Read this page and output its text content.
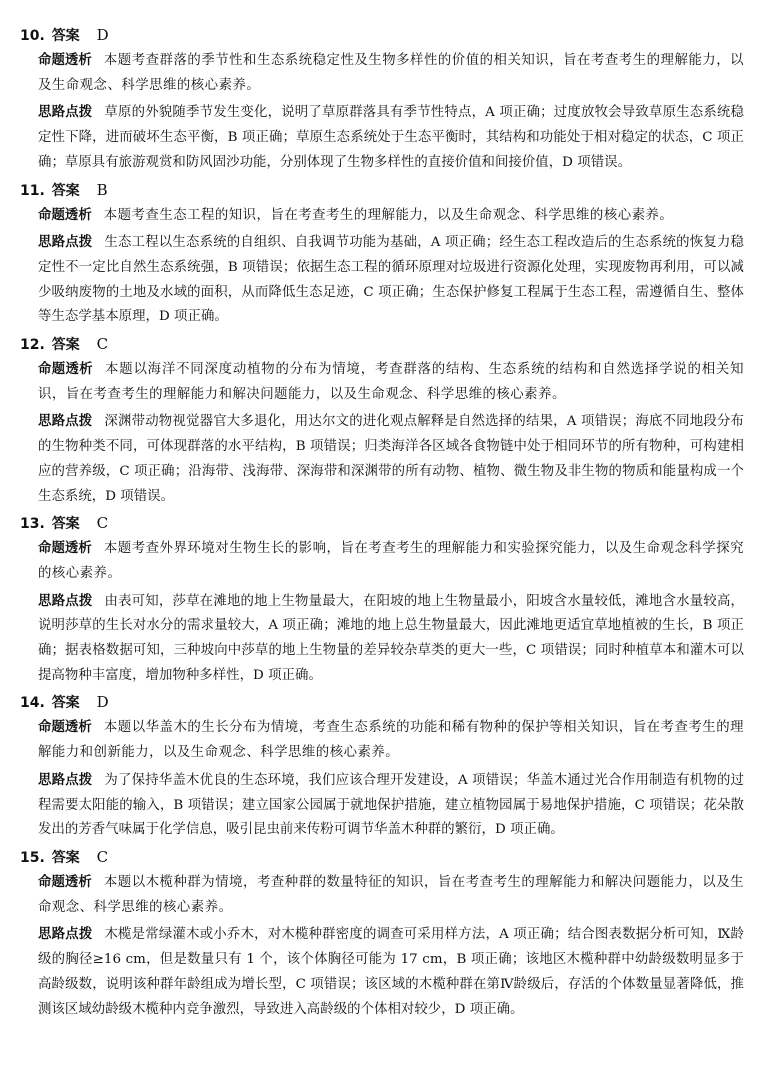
10. 答案 D
命题透析 本题考查群落的季节性和生态系统稳定性及生物多样性的价值的相关知识，旨在考查考生的理解能力，以及生命观念、科学思维的核心素养。
思路点拨 草原的外貌随季节发生变化，说明了草原群落具有季节性特点，A 项正确；过度放牧会导致草原生态系统稳定性下降，进而破坏生态平衡，B 项正确；草原生态系统处于生态平衡时，其结构和功能处于相对稳定的状态，C 项正确；草原具有旅游观赏和防风固沙功能，分别体现了生物多样性的直接价值和间接价值，D 项错误。
11. 答案 B
命题透析 本题考查生态工程的知识，旨在考查考生的理解能力，以及生命观念、科学思维的核心素养。
思路点拨 生态工程以生态系统的自组织、自我调节功能为基础，A 项正确；经生态工程改造后的生态系统的恢复力稳定性不一定比自然生态系统强，B 项错误；依据生态工程的循环原理对垃圾进行资源化处理，实现废物再利用，可以减少吸纳废物的土地及水域的面积，从而降低生态足迹，C 项正确；生态保护修复工程属于生态工程，需遵循自生、整体等生态学基本原理，D 项正确。
12. 答案 C
命题透析 本题以海洋不同深度动植物的分布为情境，考查群落的结构、生态系统的结构和自然选择学说的相关知识，旨在考查考生的理解能力和解决问题能力，以及生命观念、科学思维的核心素养。
思路点拨 深渊带动物视觉器官大多退化，用达尔文的进化观点解释是自然选择的结果，A 项错误；海底不同地段分布的生物种类不同，可体现群落的水平结构，B 项错误；归类海洋各区域各食物链中处于相同环节的所有物种，可构建相应的营养级，C 项正确；沿海带、浅海带、深海带和深渊带的所有动物、植物、微生物及非生物的物质和能量构成一个生态系统，D 项错误。
13. 答案 C
命题透析 本题考查外界环境对生物生长的影响，旨在考查考生的理解能力和实验探究能力，以及生命观念科学探究的核心素养。
思路点拨 由表可知，莎草在滩地的地上生物量最大，在阳坡的地上生物量最小，阳坡含水量较低，滩地含水量较高，说明莎草的生长对水分的需求量较大，A 项正确；滩地的地上总生物量最大，因此滩地更适宜草地植被的生长，B 项正确；据表格数据可知，三种坡向中莎草的地上生物量的差异较杂草类的更大一些，C 项错误；同时种植草本和灌木可以提高物种丰富度，增加物种多样性，D 项正确。
14. 答案 D
命题透析 本题以华盖木的生长分布为情境，考查生态系统的功能和稀有物种的保护等相关知识，旨在考查考生的理解能力和创新能力，以及生命观念、科学思维的核心素养。
思路点拨 为了保持华盖木优良的生态环境，我们应该合理开发建设，A 项错误；华盖木通过光合作用制造有机物的过程需要太阳能的输入，B 项错误；建立国家公园属于就地保护措施，建立植物园属于易地保护措施，C 项错误；花朵散发出的芳香气味属于化学信息，吸引昆虫前来传粉可调节华盖木种群的繁衍，D 项正确。
15. 答案 C
命题透析 本题以木榄种群为情境，考查种群的数量特征的知识，旨在考查考生的理解能力和解决问题能力，以及生命观念、科学思维的核心素养。
思路点拨 木榄是常绿灌木或小乔木，对木榄种群密度的调查可采用样方法，A 项正确；结合图表数据分析可知，Ⅸ龄级的胸径≥16 cm，但是数量只有 1 个，该个体胸径可能为 17 cm，B 项正确；该地区木榄种群中幼龄级数明显多于高龄级数，说明该种群年龄组成为增长型，C 项错误；该区域的木榄种群在第Ⅳ龄级后，存活的个体数量显著降低，推测该区域幼龄级木榄种内竞争激烈，导致进入高龄级的个体相对较少，D 项正确。
